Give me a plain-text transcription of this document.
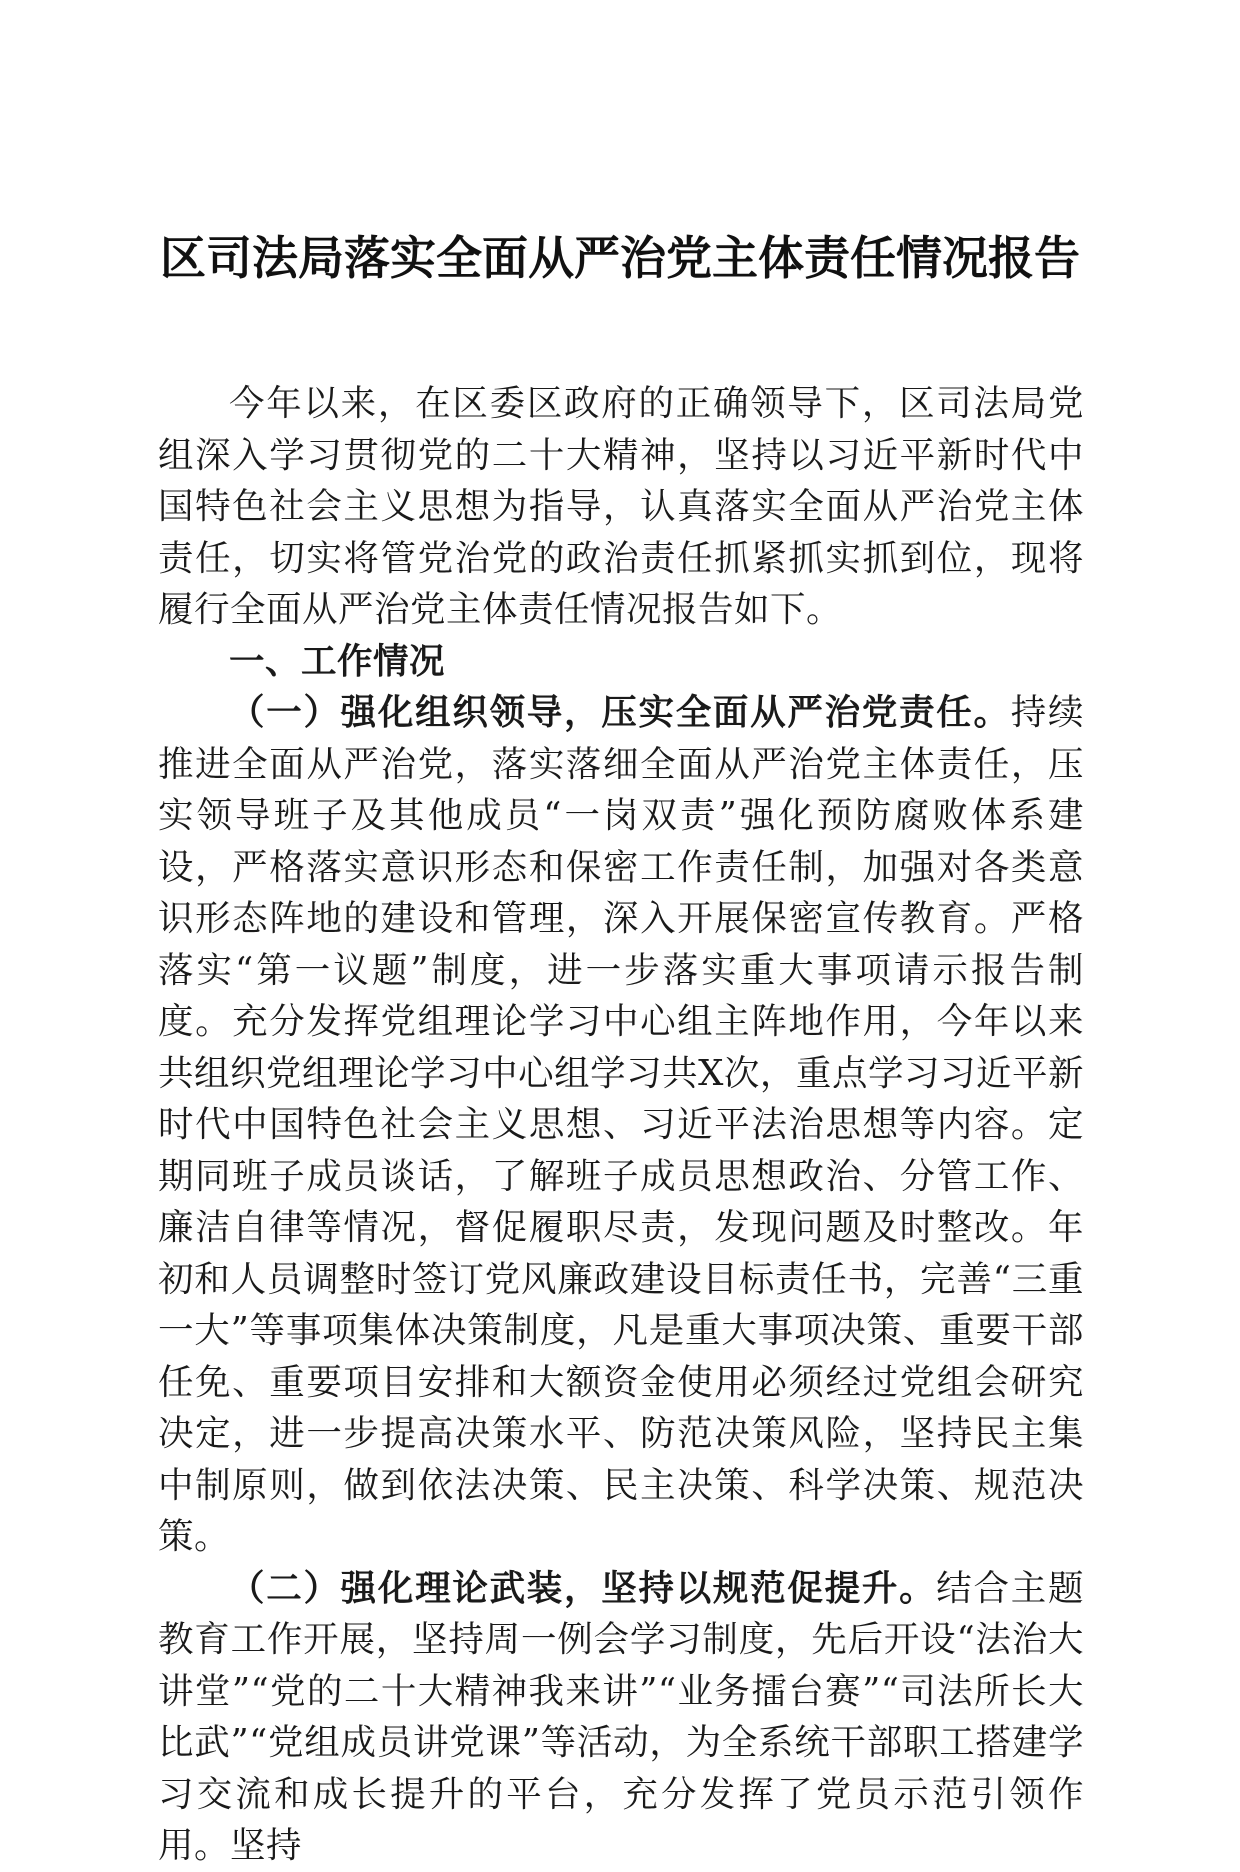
区司法局落实全面从严治党主体责任情况报告

今年以来，在区委区政府的正确领导下，区司法局党组深入学习贯彻党的二十大精神，坚持以习近平新时代中国特色社会主义思想为指导，认真落实全面从严治党主体责任，切实将管党治党的政治责任抓紧抓实抓到位，现将履行全面从严治党主体责任情况报告如下。

一、工作情况

（一）强化组织领导，压实全面从严治党责任。持续推进全面从严治党，落实落细全面从严治党主体责任，压实领导班子及其他成员“一岗双责”强化预防腐败体系建设，严格落实意识形态和保密工作责任制，加强对各类意识形态阵地的建设和管理，深入开展保密宣传教育。严格落实“第一议题”制度，进一步落实重大事项请示报告制度。充分发挥党组理论学习中心组主阵地作用，今年以来共组织党组理论学习中心组学习共X次，重点学习习近平新时代中国特色社会主义思想、习近平法治思想等内容。定期同班子成员谈话，了解班子成员思想政治、分管工作、廉洁自律等情况，督促履职尽责，发现问题及时整改。年初和人员调整时签订党风廉政建设目标责任书，完善“三重一大”等事项集体决策制度，凡是重大事项决策、重要干部任免、重要项目安排和大额资金使用必须经过党组会研究决定，进一步提高决策水平、防范决策风险，坚持民主集中制原则，做到依法决策、民主决策、科学决策、规范决策。

（二）强化理论武装，坚持以规范促提升。结合主题教育工作开展，坚持周一例会学习制度，先后开设“法治大讲堂”“党的二十大精神我来讲”“业务擂台赛”“司法所长大比武”“党组成员讲党课”等活动，为全系统干部职工搭建学习交流和成长提升的平台，充分发挥了党员示范引领作用。坚持
